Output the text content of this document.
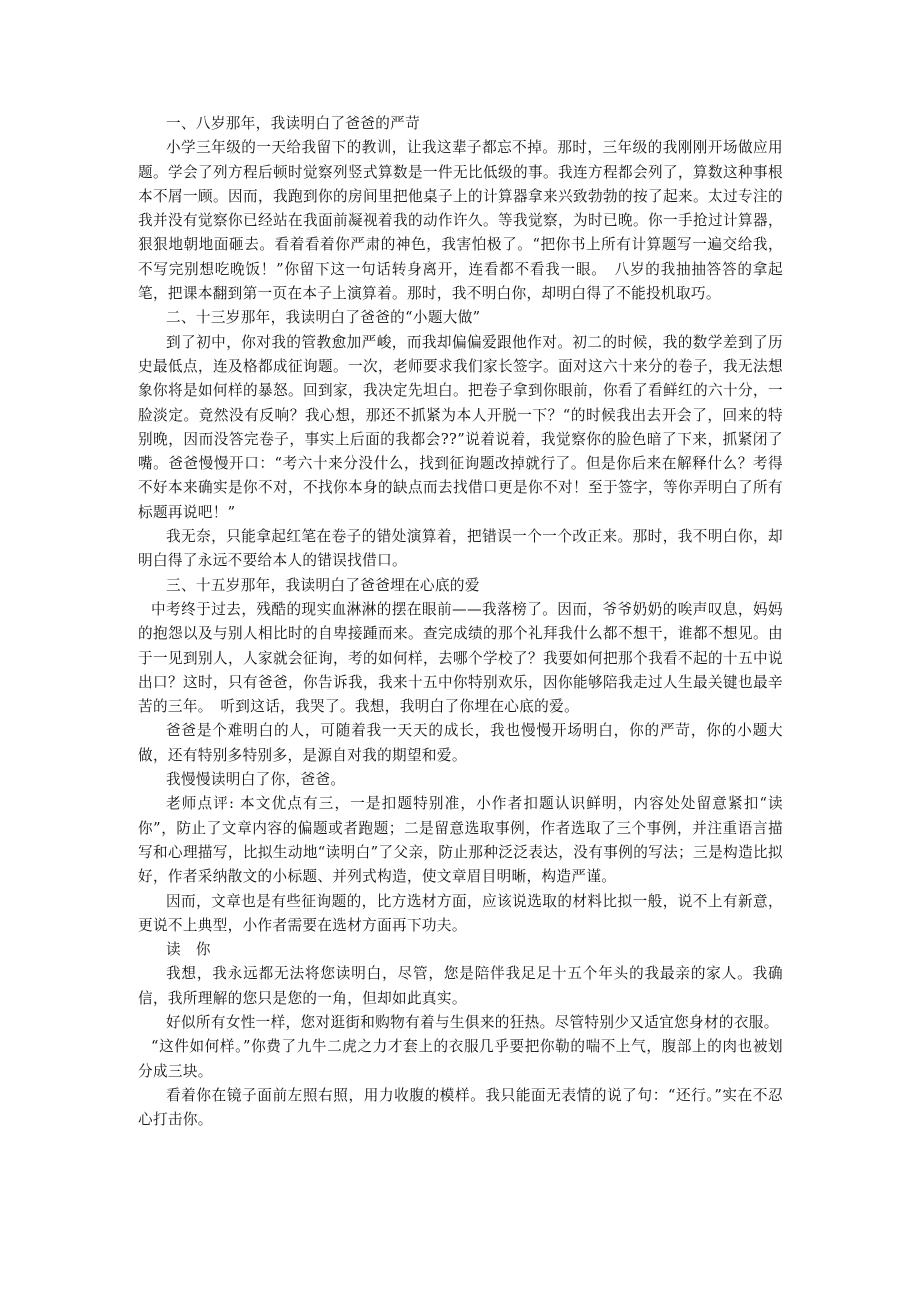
一、八岁那年，我读明白了爸爸的严苛

小学三年级的一天给我留下的教训，让我这辈子都忘不掉。那时，三年级的我刚刚开场做应用题。学会了列方程后顿时觉察列竖式算数是一件无比低级的事。我连方程都会列了，算数这种事根本不屑一顾。因而，我跑到你的房间里把他桌子上的计算器拿来兴致勃勃的按了起来。太过专注的我并没有觉察你已经站在我面前凝视着我的动作许久。等我觉察，为时已晚。你一手抢过计算器，狠狠地朝地面砸去。看着看着你严肃的神色，我害怕极了。“把你书上所有计算题写一遍交给我，不写完别想吃晚饭！”你留下这一句话转身离开，连看都不看我一眼。　八岁的我抽抽答答的拿起笔，把课本翻到第一页在本子上演算着。那时，我不明白你，却明白得了不能投机取巧。

二、十三岁那年，我读明白了爸爸的“小题大做”

到了初中，你对我的管教愈加严峻，而我却偏偏爱跟他作对。初二的时候，我的数学差到了历史最低点，连及格都成征询题。一次，老师要求我们家长签字。面对这六十来分的卷子，我无法想象你将是如何样的暴怒。回到家，我决定先坦白。把卷子拿到你眼前，你看了看鲜红的六十分，一脸淡定。竟然没有反响？我心想，那还不抓紧为本人开脱一下？“的时候我出去开会了，回来的特别晚，因而没答完卷子，事实上后面的我都会??”说着说着，我觉察你的脸色暗了下来，抓紧闭了嘴。爸爸慢慢开口：“考六十来分没什么，找到征询题改掉就行了。但是你后来在解释什么？考得不好本来确实是你不对，不找你本身的缺点而去找借口更是你不对！至于签字，等你弄明白了所有标题再说吧！”

我无奈，只能拿起红笔在卷子的错处演算着，把错误一个一个改正来。那时，我不明白你，却明白得了永远不要给本人的错误找借口。

三、十五岁那年，我读明白了爸爸埋在心底的爱

中考终于过去，残酷的现实血淋淋的摆在眼前——我落榜了。因而，爷爷奶奶的唉声叹息，妈妈的抱怨以及与别人相比时的自卑接踵而来。查完成绩的那个礼拜我什么都不想干，谁都不想见。由于一见到别人，人家就会征询，考的如何样，去哪个学校了？我要如何把那个我看不起的十五中说出口？这时，只有爸爸，你告诉我，我来十五中你特别欢乐，因你能够陪我走过人生最关键也最辛苦的三年。　听到这话，我哭了。我想，我明白了你埋在心底的爱。

爸爸是个难明白的人，可随着我一天天的成长，我也慢慢开场明白，你的严苛，你的小题大做，还有特别多特别多，是源自对我的期望和爱。

我慢慢读明白了你，爸爸。

老师点评: 本文优点有三，一是扣题特别准，小作者扣题认识鲜明，内容处处留意紧扣“读你”，防止了文章内容的偏题或者跑题；二是留意选取事例，作者选取了三个事例，并注重语言描写和心理描写，比拟生动地“读明白”了父亲，防止那种泛泛表达，没有事例的写法；三是构造比拟好，作者采纳散文的小标题、并列式构造，使文章眉目明晰，构造严谨。

因而，文章也是有些征询题的，比方选材方面，应该说选取的材料比拟一般，说不上有新意，更说不上典型，小作者需要在选材方面再下功夫。

读　你

我想，我永远都无法将您读明白，尽管，您是陪伴我足足十五个年头的我最亲的家人。我确信，我所理解的您只是您的一角，但却如此真实。

好似所有女性一样，您对逛街和购物有着与生俱来的狂热。尽管特别少又适宜您身材的衣服。

“这件如何样。”你费了九牛二虎之力才套上的衣服几乎要把你勒的喘不上气，腹部上的肉也被划分成三块。

看着你在镜子面前左照右照，用力收腹的模样。我只能面无表情的说了句：“还行。”实在不忍心打击你。
